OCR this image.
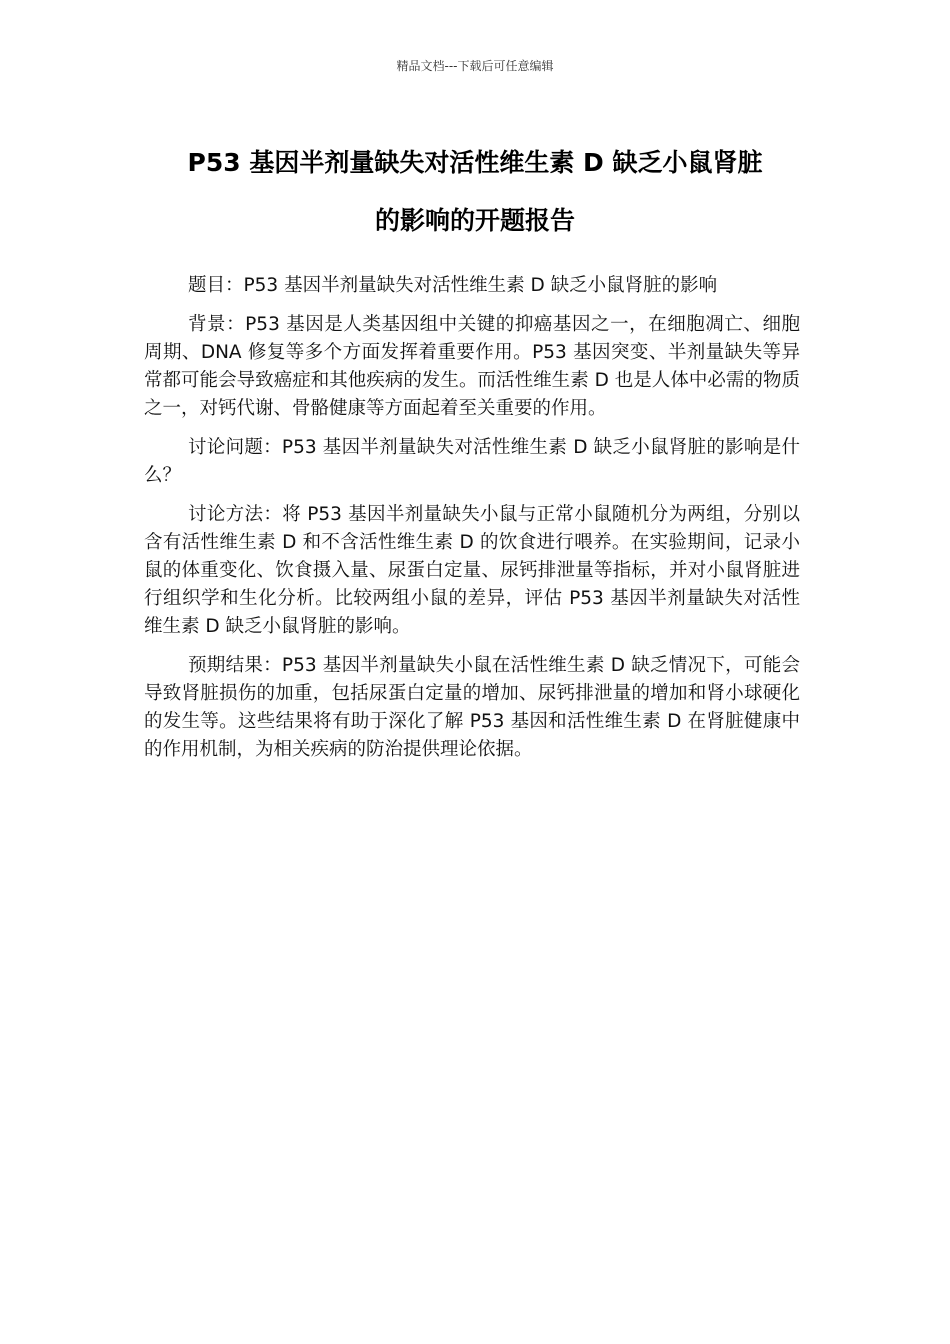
精品文档---下载后可任意编辑
P53 基因半剂量缺失对活性维生素 D 缺乏小鼠肾脏
的影响的开题报告

题目：P53 基因半剂量缺失对活性维生素 D 缺乏小鼠肾脏的影响

背景：P53 基因是人类基因组中关键的抑癌基因之一，在细胞凋亡、细胞周期、DNA 修复等多个方面发挥着重要作用。P53 基因突变、半剂量缺失等异常都可能会导致癌症和其他疾病的发生。而活性维生素 D 也是人体中必需的物质之一，对钙代谢、骨骼健康等方面起着至关重要的作用。

讨论问题：P53 基因半剂量缺失对活性维生素 D 缺乏小鼠肾脏的影响是什么？

讨论方法：将 P53 基因半剂量缺失小鼠与正常小鼠随机分为两组，分别以含有活性维生素 D 和不含活性维生素 D 的饮食进行喂养。在实验期间，记录小鼠的体重变化、饮食摄入量、尿蛋白定量、尿钙排泄量等指标，并对小鼠肾脏进行组织学和生化分析。比较两组小鼠的差异，评估 P53 基因半剂量缺失对活性维生素 D 缺乏小鼠肾脏的影响。

预期结果：P53 基因半剂量缺失小鼠在活性维生素 D 缺乏情况下，可能会导致肾脏损伤的加重，包括尿蛋白定量的增加、尿钙排泄量的增加和肾小球硬化的发生等。这些结果将有助于深化了解 P53 基因和活性维生素 D 在肾脏健康中的作用机制，为相关疾病的防治提供理论依据。
